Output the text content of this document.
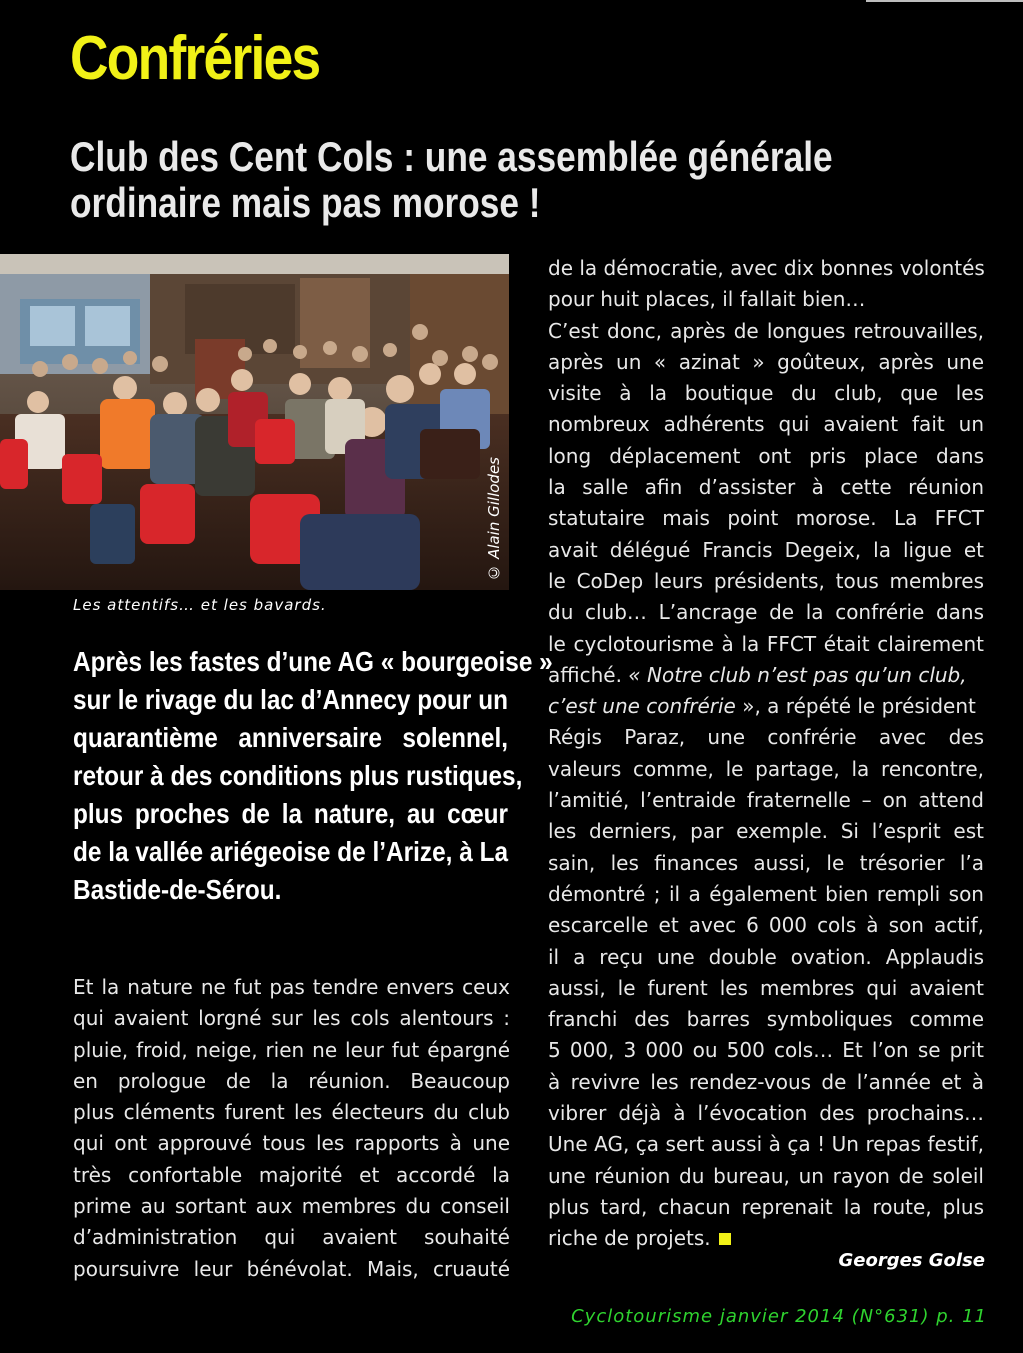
Confréries
Club des Cent Cols : une assemblée générale
ordinaire mais pas morose !
© Alain Gillodes
Les attentifs… et les bavards.
Après les fastes d’une AG « bourgeoise »
sur le rivage du lac d’Annecy pour un
quarantième anniversaire solennel,
retour à des conditions plus rustiques,
plus proches de la nature, au cœur
de la vallée ariégeoise de l’Arize, à La
Bastide-de-Sérou.
Et la nature ne fut pas tendre envers ceux
qui avaient lorgné sur les cols alentours :
pluie, froid, neige, rien ne leur fut épargné
en prologue de la réunion. Beaucoup
plus cléments furent les électeurs du club
qui ont approuvé tous les rapports à une
très confortable majorité et accordé la
prime au sortant aux membres du conseil
d’administration qui avaient souhaité
poursuivre leur bénévolat. Mais, cruauté
de la démocratie, avec dix bonnes volontés
pour huit places, il fallait bien…
C’est donc, après de longues retrouvailles,
après un « azinat » goûteux, après une
visite à la boutique du club, que les
nombreux adhérents qui avaient fait un
long déplacement ont pris place dans
la salle afin d’assister à cette réunion
statutaire mais point morose. La FFCT
avait délégué Francis Degeix, la ligue et
le CoDep leurs présidents, tous membres
du club… L’ancrage de la confrérie dans
le cyclotourisme à la FFCT était clairement
affiché. « Notre club n’est pas qu’un club,
c’est une confrérie », a répété le président
Régis Paraz, une confrérie avec des
valeurs comme, le partage, la rencontre,
l’amitié, l’entraide fraternelle – on attend
les derniers, par exemple. Si l’esprit est
sain, les finances aussi, le trésorier l’a
démontré ; il a également bien rempli son
escarcelle et avec 6 000 cols à son actif,
il a reçu une double ovation. Applaudis
aussi, le furent les membres qui avaient
franchi des barres symboliques comme
5 000, 3 000 ou 500 cols… Et l’on se prit
à revivre les rendez-vous de l’année et à
vibrer déjà à l’évocation des prochains…
Une AG, ça sert aussi à ça ! Un repas festif,
une réunion du bureau, un rayon de soleil
plus tard, chacun reprenait la route, plus
riche de projets.
Georges Golse
Cyclotourisme janvier 2014 (N°631) p. 11
